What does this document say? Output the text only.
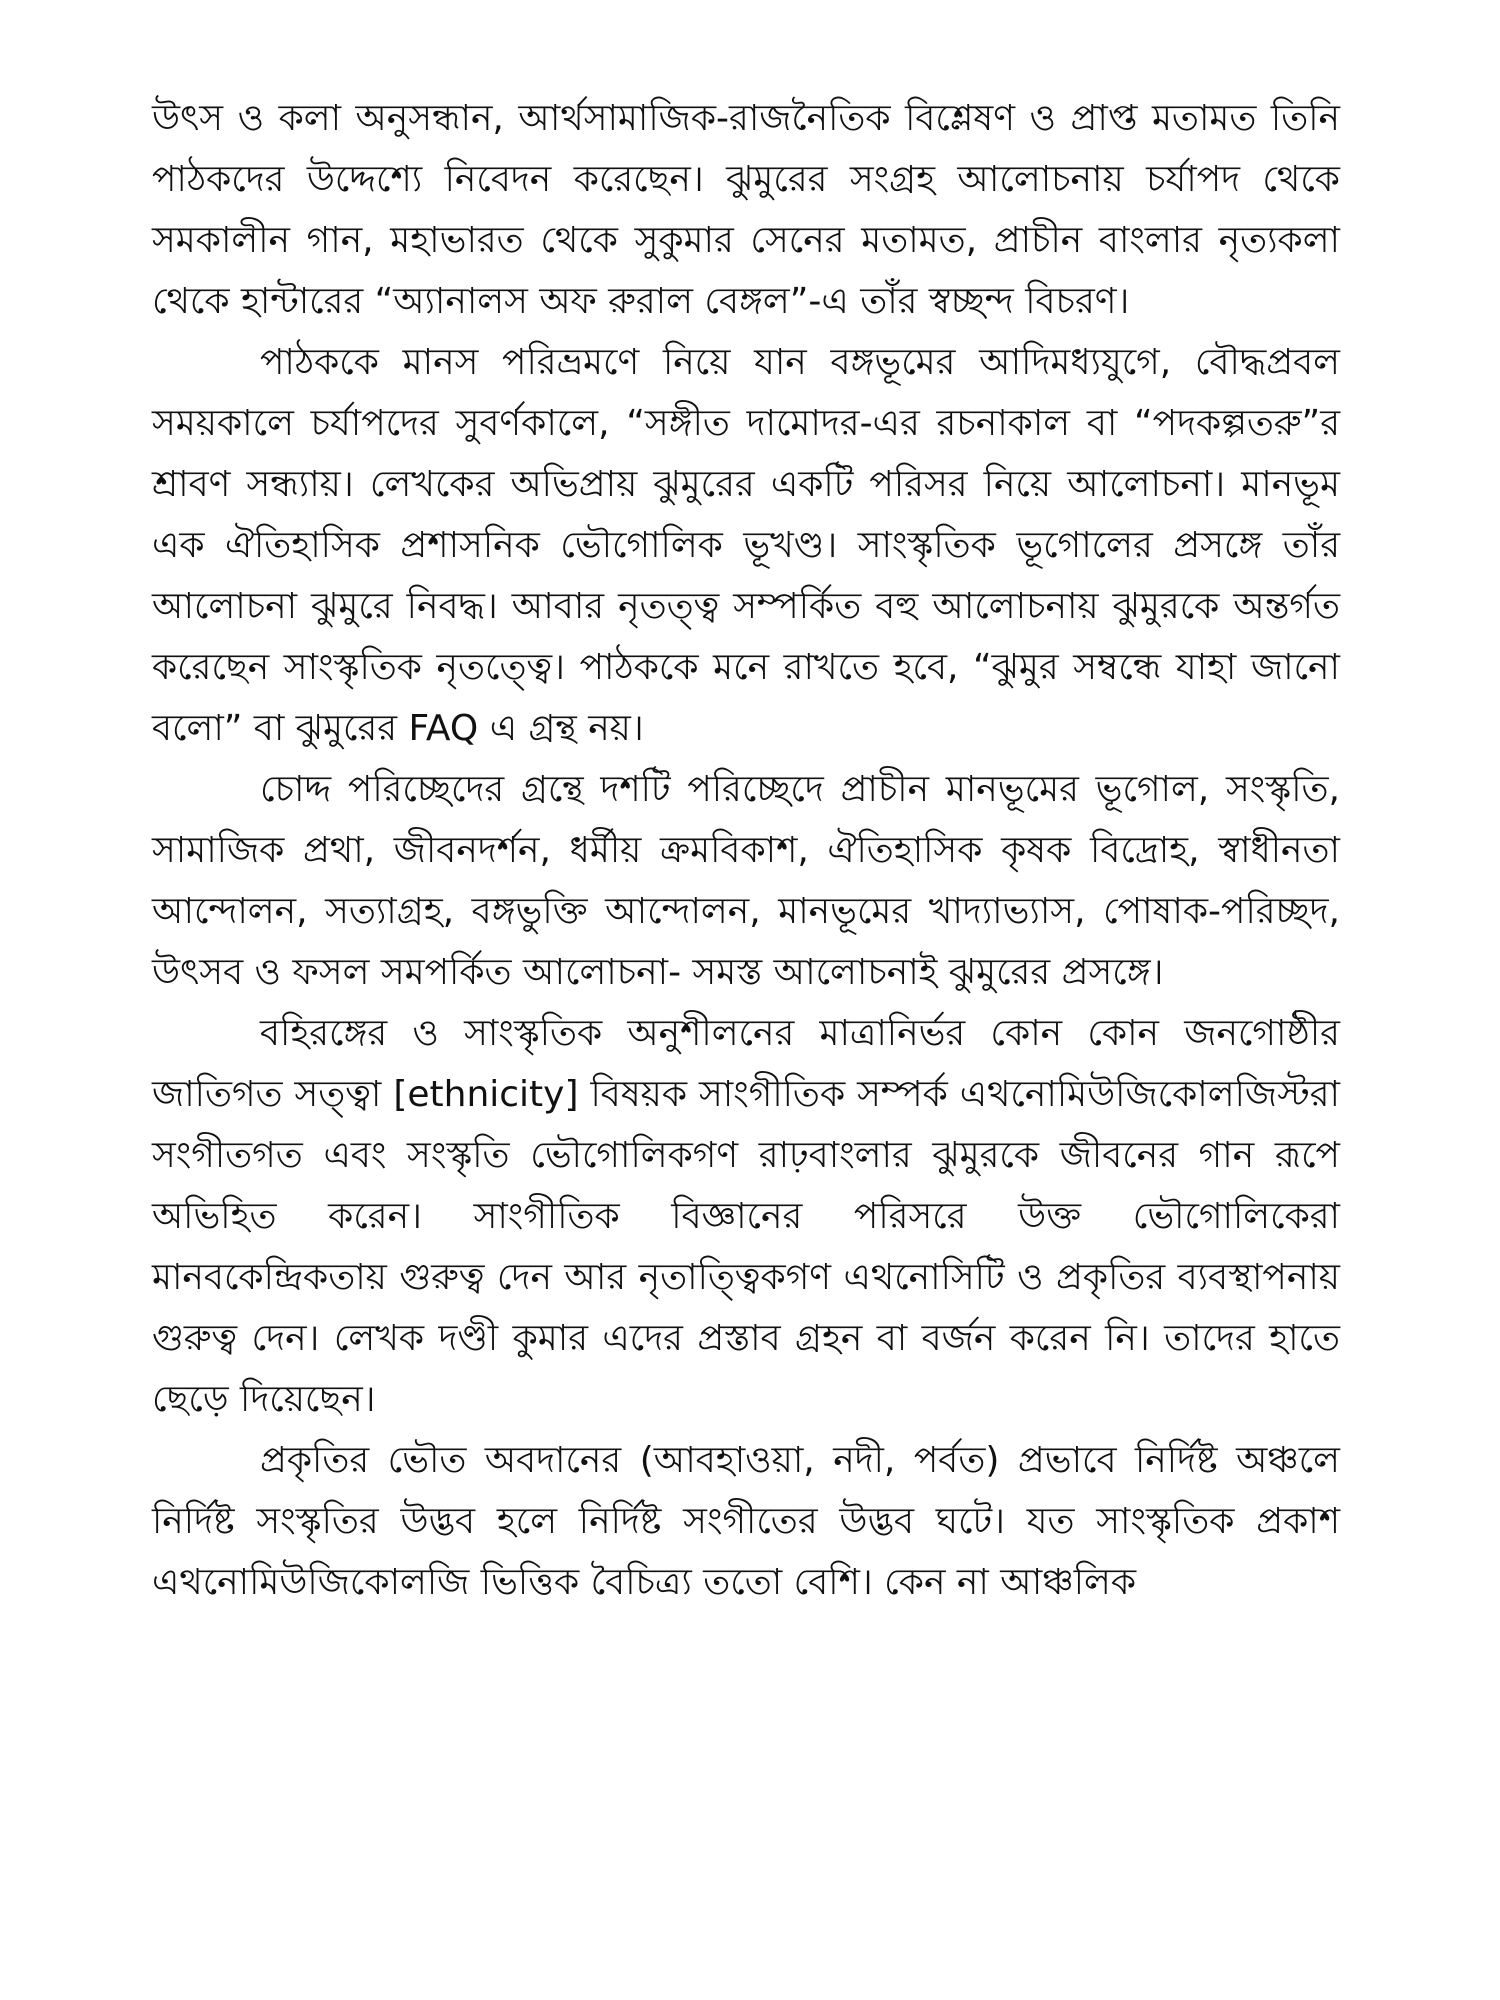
উৎস ও কলা অনুসন্ধান, আর্থসামাজিক-রাজনৈতিক বিশ্লেষণ ও প্রাপ্ত মতামত তিনি পাঠকদের উদ্দেশ্যে নিবেদন করেছেন। ঝুমুরের সংগ্রহ আলোচনায় চর্যাপদ থেকে সমকালীন গান, মহাভারত থেকে সুকুমার সেনের মতামত, প্রাচীন বাংলার নৃত্যকলা থেকে হান্টারের “অ্যানালস অফ রুরাল বেঙ্গল”-এ তাঁর স্বচ্ছন্দ বিচরণ।

পাঠককে মানস পরিভ্রমণে নিয়ে যান বঙ্গভূমের আদিমধ্যযুগে, বৌদ্ধপ্রবল সময়কালে চর্যাপদের সুবর্ণকালে, “সঙ্গীত দামোদর-এর রচনাকাল বা “পদকল্পতরু”র শ্রাবণ সন্ধ্যায়। লেখকের অভিপ্রায় ঝুমুরের একটি পরিসর নিয়ে আলোচনা। মানভূম এক ঐতিহাসিক প্রশাসনিক ভৌগোলিক ভূখণ্ড। সাংস্কৃতিক ভূগোলের প্রসঙ্গে তাঁর আলোচনা ঝুমুরে নিবদ্ধ। আবার নৃতত্ত্ব সম্পর্কিত বহু আলোচনায় ঝুমুরকে অন্তর্গত করেছেন সাংস্কৃতিক নৃতত্ত্বে। পাঠককে মনে রাখতে হবে, “ঝুমুর সম্বন্ধে যাহা জানো বলো” বা ঝুমুরের FAQ এ গ্রন্থ নয়।

চোদ্দ পরিচ্ছেদের গ্রন্থে দশটি পরিচ্ছেদে প্রাচীন মানভূমের ভূগোল, সংস্কৃতি, সামাজিক প্রথা, জীবনদর্শন, ধর্মীয় ক্রমবিকাশ, ঐতিহাসিক কৃষক বিদ্রোহ, স্বাধীনতা আন্দোলন, সত্যাগ্রহ, বঙ্গভুক্তি আন্দোলন, মানভূমের খাদ্যাভ্যাস, পোষাক-পরিচ্ছদ, উৎসব ও ফসল সমপর্কিত আলোচনা- সমস্ত আলোচনাই ঝুমুরের প্রসঙ্গে।

বহিরঙ্গের ও সাংস্কৃতিক অনুশীলনের মাত্রানির্ভর কোন কোন জনগোষ্ঠীর জাতিগত সত্ত্বা [ethnicity] বিষয়ক সাংগীতিক সম্পর্ক এথনোমিউজিকোলজিস্টরা সংগীতগত এবং সংস্কৃতি ভৌগোলিকগণ রাঢ়বাংলার ঝুমুরকে জীবনের গান রূপে অভিহিত করেন। সাংগীতিক বিজ্ঞানের পরিসরে উক্ত ভৌগোলিকেরা মানবকেন্দ্রিকতায় গুরুত্ব দেন আর নৃতাত্ত্বিকগণ এথনোসিটি ও প্রকৃতির ব্যবস্থাপনায় গুরুত্ব দেন। লেখক দণ্ডী কুমার এদের প্রস্তাব গ্রহন বা বর্জন করেন নি। তাদের হাতে ছেড়ে দিয়েছেন।

প্রকৃতির ভৌত অবদানের (আবহাওয়া, নদী, পর্বত) প্রভাবে নির্দিষ্ট অঞ্চলে নির্দিষ্ট সংস্কৃতির উদ্ভব হলে নির্দিষ্ট সংগীতের উদ্ভব ঘটে। যত সাংস্কৃতিক প্রকাশ এথনোমিউজিকোলজি ভিত্তিক বৈচিত্র্য ততো বেশি। কেন না আঞ্চলিক
